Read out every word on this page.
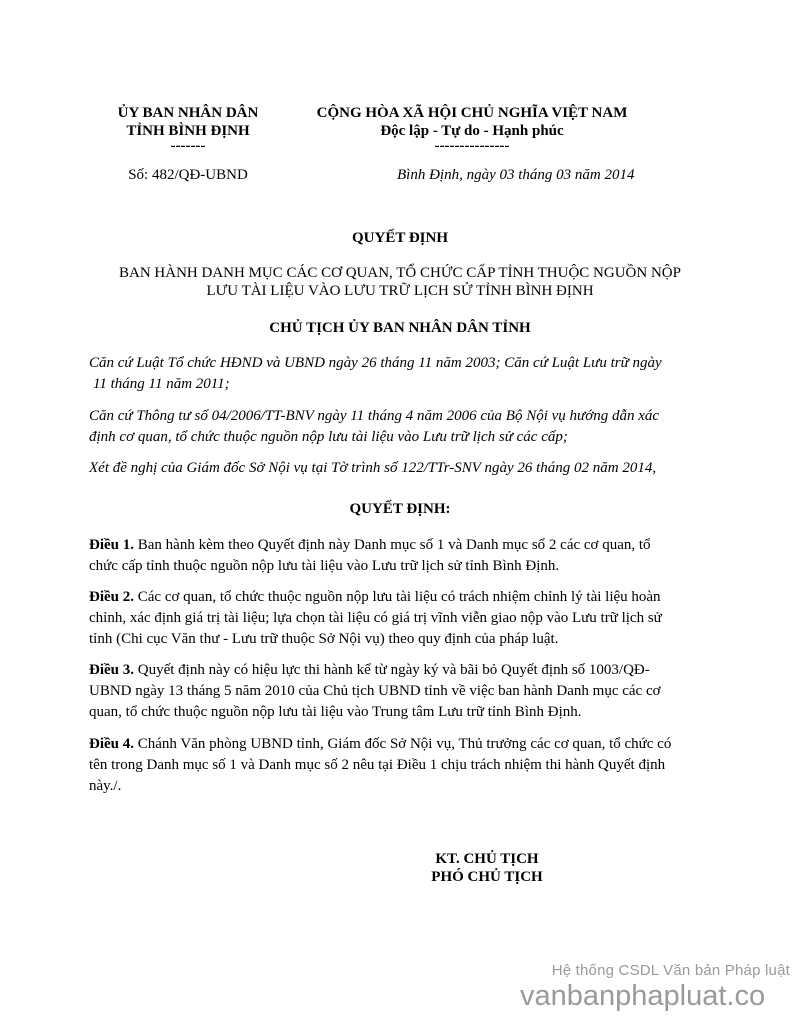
ỦY BAN NHÂN DÂN
TỈNH BÌNH ĐỊNH
-------
Số: 482/QĐ-UBND
CỘNG HÒA XÃ HỘI CHỦ NGHĨA VIỆT NAM
Độc lập - Tự do - Hạnh phúc
---------------
Bình Định, ngày 03 tháng 03 năm 2014
QUYẾT ĐỊNH
BAN HÀNH DANH MỤC CÁC CƠ QUAN, TỔ CHỨC CẤP TỈNH THUỘC NGUỒN NỘP
LƯU TÀI LIỆU VÀO LƯU TRỮ LỊCH SỬ TỈNH BÌNH ĐỊNH
CHỦ TỊCH ỦY BAN NHÂN DÂN TỈNH
Căn cứ Luật Tổ chức HĐND và UBND ngày 26 tháng 11 năm 2003; Căn cứ Luật Lưu trữ ngày
11 tháng 11 năm 2011;
Căn cứ Thông tư số 04/2006/TT-BNV ngày 11 tháng 4 năm 2006 của Bộ Nội vụ hướng dẫn xác
định cơ quan, tổ chức thuộc nguồn nộp lưu tài liệu vào Lưu trữ lịch sử các cấp;
Xét đề nghị của Giám đốc Sở Nội vụ tại Tờ trình số 122/TTr-SNV ngày 26 tháng 02 năm 2014,
QUYẾT ĐỊNH:
Điều 1. Ban hành kèm theo Quyết định này Danh mục số 1 và Danh mục số 2 các cơ quan, tổ
chức cấp tỉnh thuộc nguồn nộp lưu tài liệu vào Lưu trữ lịch sử tỉnh Bình Định.
Điều 2. Các cơ quan, tổ chức thuộc nguồn nộp lưu tài liệu có trách nhiệm chỉnh lý tài liệu hoàn
chỉnh, xác định giá trị tài liệu; lựa chọn tài liệu có giá trị vĩnh viễn giao nộp vào Lưu trữ lịch sử
tỉnh (Chi cục Văn thư - Lưu trữ thuộc Sở Nội vụ) theo quy định của pháp luật.
Điều 3. Quyết định này có hiệu lực thi hành kể từ ngày ký và bãi bỏ Quyết định số 1003/QĐ-
UBND ngày 13 tháng 5 năm 2010 của Chủ tịch UBND tỉnh về việc ban hành Danh mục các cơ
quan, tổ chức thuộc nguồn nộp lưu tài liệu vào Trung tâm Lưu trữ tỉnh Bình Định.
Điều 4. Chánh Văn phòng UBND tỉnh, Giám đốc Sở Nội vụ, Thủ trưởng các cơ quan, tổ chức có
tên trong Danh mục số 1 và Danh mục số 2 nêu tại Điều 1 chịu trách nhiệm thi hành Quyết định
này./.
KT. CHỦ TỊCH
PHÓ CHỦ TỊCH
Hệ thống CSDL Văn bản Pháp luật
vanbanphapluat.co
